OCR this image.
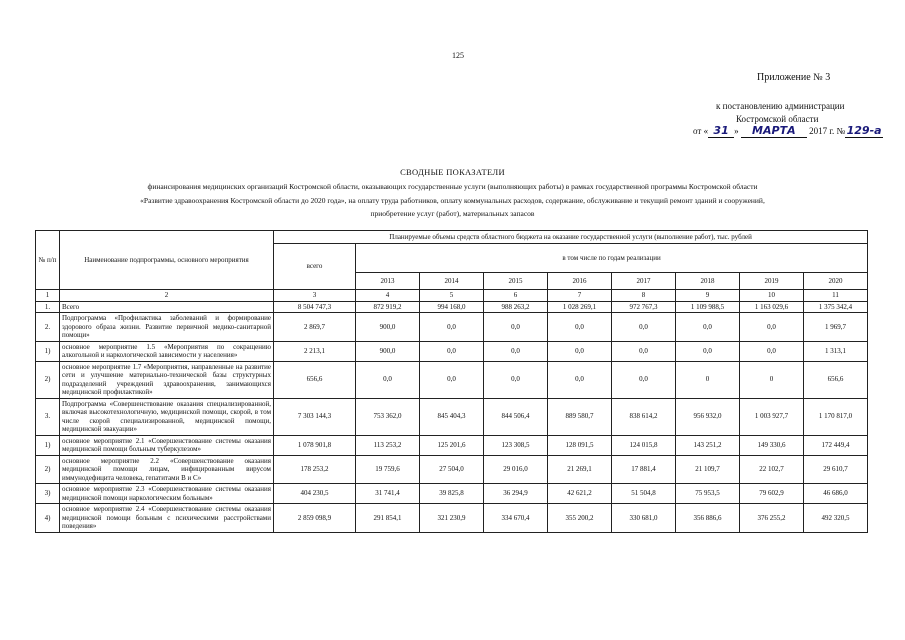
125
Приложение № 3
к постановлению администрации
Костромской области
от « 31 » МАРТА 2017 г. № 129-а
СВОДНЫЕ ПОКАЗАТЕЛИ
финансирования медицинских организаций Костромской области, оказывающих государственные услуги (выполняющих работы) в рамках государственной программы Костромской области
«Развитие здравоохранения Костромской области до 2020 года», на оплату труда работников, оплату коммунальных расходов, содержание, обслуживание и текущий ремонт зданий и сооружений,
приобретение услуг (работ), материальных запасов
№ п/п	Наименование подпрограммы, основного мероприятия	Планируемые объемы средств областного бюджета на оказание государственной услуги (выполнение работ), тыс. рублей								
		всего	в том числе по годам реализации							
			2013	2014	2015	2016	2017	2018	2019	2020
1	2	3	4	5	6	7	8	9	10	11
1.	Всего	8 504 747,3	872 919,2	994 168,0	988 263,2	1 028 269,1	972 767,3	1 109 988,5	1 163 029,6	1 375 342,4
2.	Подпрограмма «Профилактика заболеваний и формирование здорового образа жизни. Развитие первичной медико-санитарной помощи»	2 869,7	900,0	0,0	0,0	0,0	0,0	0,0	0,0	1 969,7
1)	основное мероприятие 1.5 «Мероприятия по сокращению алкогольной и наркологической зависимости у населения»	2 213,1	900,0	0,0	0,0	0,0	0,0	0,0	0,0	1 313,1
2)	основное мероприятие 1.7 «Мероприятия, направленные на развитие сети и улучшение материально-технической базы структурных подразделений учреждений здравоохранения, занимающихся медицинской профилактикой»	656,6	0,0	0,0	0,0	0,0	0,0	0	0	656,6
3.	Подпрограмма «Совершенствование оказания специализированной, включая высокотехнологичную, медицинской помощи, скорой, в том числе скорой специализированной, медицинской помощи, медицинской эвакуации»	7 303 144,3	753 362,0	845 404,3	844 506,4	889 580,7	838 614,2	956 932,0	1 003 927,7	1 170 817,0
1)	основное мероприятие 2.1 «Совершенствование системы оказания медицинской помощи больным туберкулезом»	1 078 901,8	113 253,2	125 201,6	123 308,5	128 091,5	124 015,8	143 251,2	149 330,6	172 449,4
2)	основное мероприятие 2.2 «Совершенствование оказания медицинской помощи лицам, инфицированным вирусом иммунодефицита человека, гепатитами B и C»	178 253,2	19 759,6	27 504,0	29 016,0	21 269,1	17 881,4	21 109,7	22 102,7	29 610,7
3)	основное мероприятие 2.3 «Совершенствование системы оказания медицинской помощи наркологическим больным»	404 230,5	31 741,4	39 825,8	36 294,9	42 621,2	51 504,8	75 953,5	79 602,9	46 686,0
4)	основное мероприятие 2.4 «Совершенствование системы оказания медицинской помощи больным с психическими расстройствами поведения»	2 859 098,9	291 854,1	321 230,9	334 670,4	355 200,2	330 681,0	356 886,6	376 255,2	492 320,5
